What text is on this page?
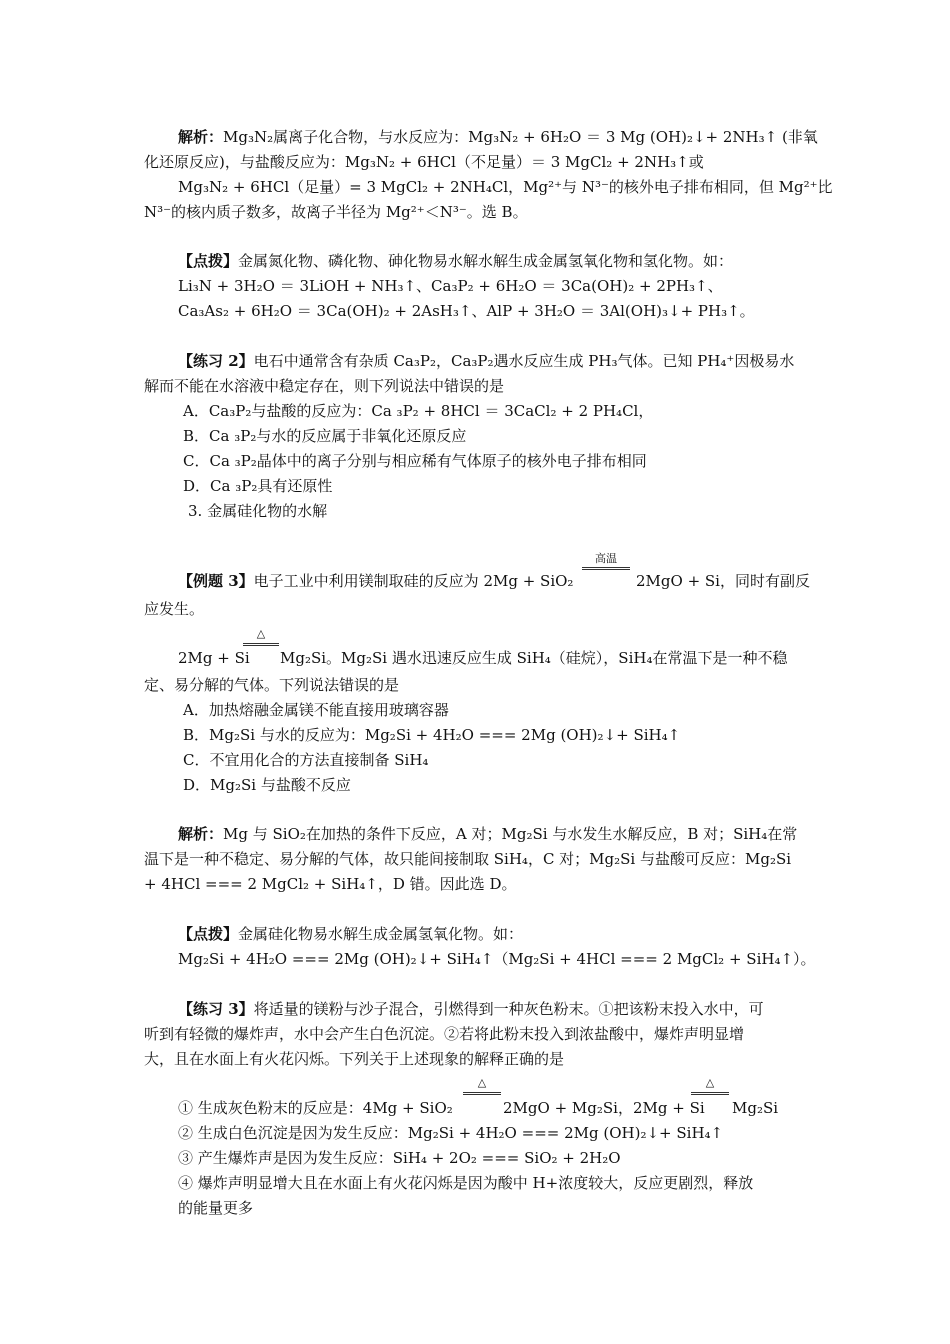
解析：Mg₃N₂属离子化合物，与水反应为：Mg₃N₂ + 6H₂O ＝ 3 Mg (OH)₂↓+ 2NH₃↑ (非氧
化还原反应)，与盐酸反应为：Mg₃N₂ + 6HCl（不足量）＝ 3 MgCl₂ + 2NH₃↑或
Mg₃N₂ + 6HCl（足量）= 3 MgCl₂ + 2NH₄Cl，Mg²⁺与 N³⁻的核外电子排布相同，但 Mg²⁺比
N³⁻的核内质子数多，故离子半径为 Mg²⁺＜N³⁻。选 B。
【点拨】金属氮化物、磷化物、砷化物易水解水解生成金属氢氧化物和氢化物。如：
Li₃N + 3H₂O ＝ 3LiOH + NH₃↑、Ca₃P₂ + 6H₂O ＝ 3Ca(OH)₂ + 2PH₃↑、
Ca₃As₂ + 6H₂O ＝ 3Ca(OH)₂ + 2AsH₃↑、AlP + 3H₂O ＝ 3Al(OH)₃↓+ PH₃↑。
【练习 2】电石中通常含有杂质 Ca₃P₂，Ca₃P₂遇水反应生成 PH₃气体。已知 PH₄⁺因极易水
解而不能在水溶液中稳定存在，则下列说法中错误的是
A．Ca₃P₂与盐酸的反应为：Ca ₃P₂ + 8HCl ＝ 3CaCl₂ + 2 PH₄Cl，
B．Ca ₃P₂与水的反应属于非氧化还原反应
C．Ca ₃P₂晶体中的离子分别与相应稀有气体原子的核外电子排布相同
D．Ca ₃P₂具有还原性
3. 金属硅化物的水解
【例题 3】电子工业中利用镁制取硅的反应为 2Mg + SiO₂
高温
2MgO + Si，同时有副反
应发生。
2Mg + Si
△
Mg₂Si。Mg₂Si 遇水迅速反应生成 SiH₄（硅烷），SiH₄在常温下是一种不稳
定、易分解的气体。下列说法错误的是
A．加热熔融金属镁不能直接用玻璃容器
B．Mg₂Si 与水的反应为：Mg₂Si + 4H₂O === 2Mg (OH)₂↓+ SiH₄↑
C．不宜用化合的方法直接制备 SiH₄
D．Mg₂Si 与盐酸不反应
解析：Mg 与 SiO₂在加热的条件下反应，A 对；Mg₂Si 与水发生水解反应，B 对；SiH₄在常
温下是一种不稳定、易分解的气体，故只能间接制取 SiH₄，C 对；Mg₂Si 与盐酸可反应：Mg₂Si
+ 4HCl === 2 MgCl₂ + SiH₄↑，D 错。因此选 D。
【点拨】金属硅化物易水解生成金属氢氧化物。如：
Mg₂Si + 4H₂O === 2Mg (OH)₂↓+ SiH₄↑（Mg₂Si + 4HCl === 2 MgCl₂ + SiH₄↑）。
【练习 3】将适量的镁粉与沙子混合，引燃得到一种灰色粉末。①把该粉末投入水中，可
听到有轻微的爆炸声，水中会产生白色沉淀。②若将此粉末投入到浓盐酸中，爆炸声明显增
大，且在水面上有火花闪烁。下列关于上述现象的解释正确的是
① 生成灰色粉末的反应是：4Mg + SiO₂
△
2MgO + Mg₂Si，2Mg + Si
△
Mg₂Si
② 生成白色沉淀是因为发生反应：Mg₂Si + 4H₂O === 2Mg (OH)₂↓+ SiH₄↑
③ 产生爆炸声是因为发生反应：SiH₄ + 2O₂ === SiO₂ + 2H₂O
④ 爆炸声明显增大且在水面上有火花闪烁是因为酸中 H+浓度较大，反应更剧烈，释放
的能量更多
